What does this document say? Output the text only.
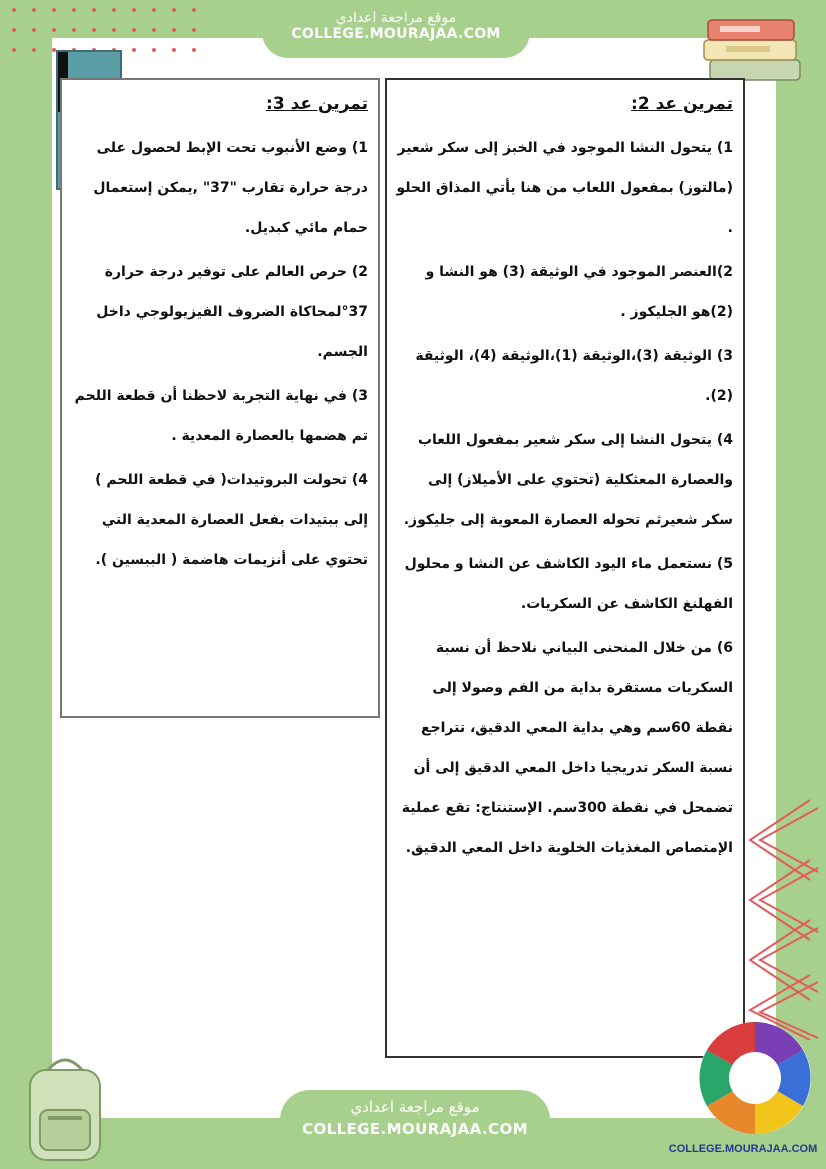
موقع مراجعة اعدادي
COLLEGE.MOURAJAA.COM
تمرين عد 2:
1) يتحول النشا الموجود في الخبز إلى سكر شعير (مالتوز) بمفعول اللعاب من هنا يأتي المذاق الحلو .
2)العنصر الموجود في الوثيقة (3) هو النشا و (2)هو الجليكوز .
3) الوثيقة (3)،الوثيقة (1)،الوثيقة (4)، الوثيقة (2).
4) يتحول النشا إلى سكر شعير بمفعول اللعاب والعصارة المعثكلية (تحتوي على الأميلاز) إلى سكر شعيرثم تحوله العصارة المعوية إلى جليكوز.
5) نستعمل ماء اليود الكاشف عن النشا و محلول الفهلنغ الكاشف عن السكريات.
6) من خلال المنحنى البياني نلاحظ أن نسبة السكريات مستقرة بداية من الفم وصولا إلى نقطة 60سم وهي بداية المعي الدقيق، تتراجع نسبة السكر تدريجيا داخل المعي الدقيق إلى أن تضمحل في نقطة 300سم. الإستنتاج: تقع عملية الإمتصاص المغذيات الخلوية داخل المعي الدقيق.
تمرين عد 3:
1) وضع الأنبوب تحت الإبط لحصول على درجة حرارة تقارب "37" ,يمكن إستعمال حمام مائي كبديل.
2) حرص العالم على توفير درجة حرارة 37°لمحاكاة الضروف الفيزيولوجي داخل الجسم.
3) في نهاية التجربة لاحظنا أن قطعة اللحم تم هضمها بالعصارة المعدية .
4) تحولت البروتيدات( في قطعة اللحم ) إلى ببتيدات بفعل العصارة المعدية التي تحتوي على أنزيمات هاضمة ( الببسين ).
COLLEGE.MOURAJAA.COM
موقع مراجعة اعدادي
COLLEGE.MOURAJAA.COM
